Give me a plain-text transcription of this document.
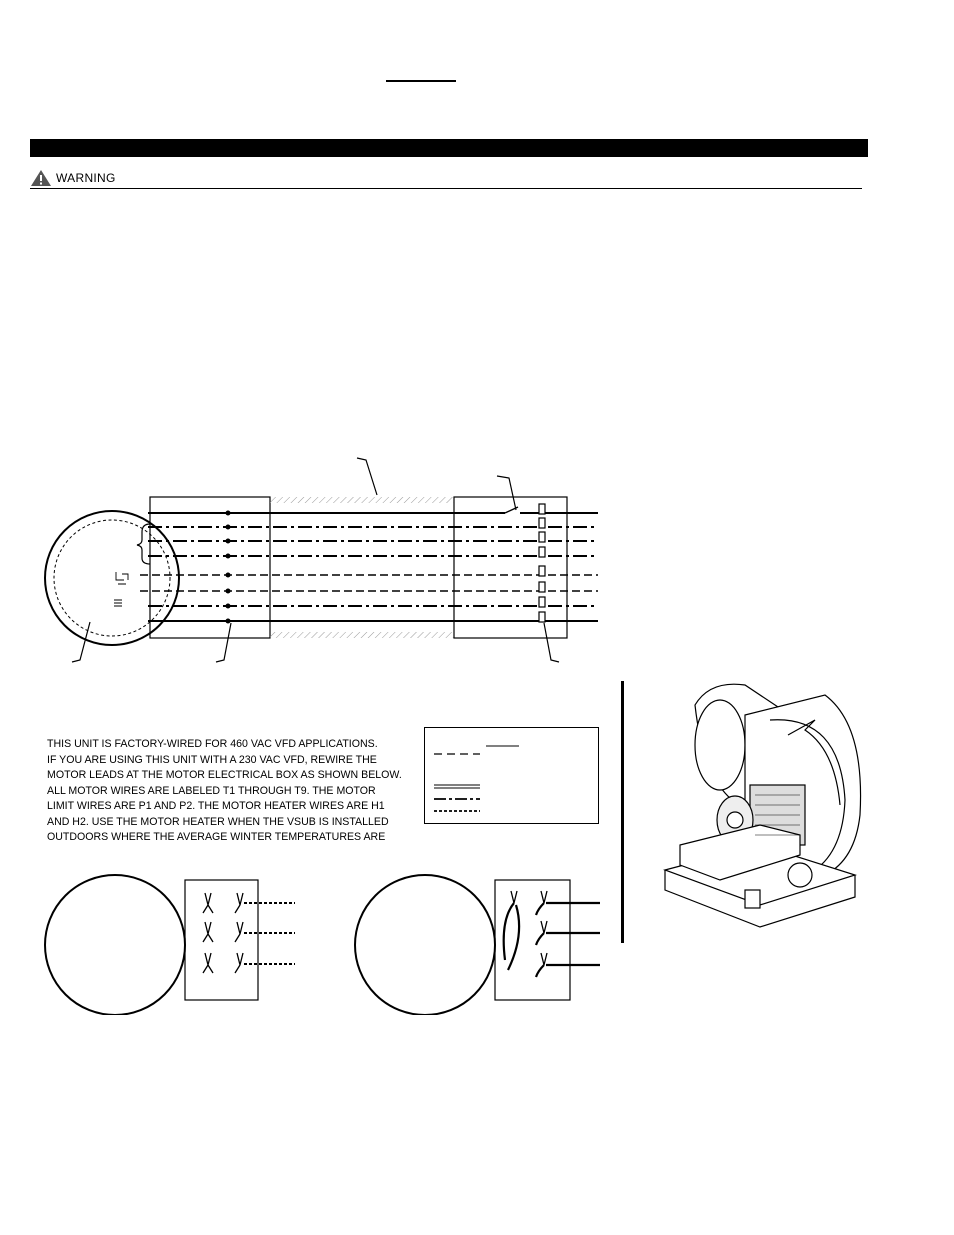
WARNING
THIS UNIT IS FACTORY-WIRED FOR 460 VAC VFD APPLICATIONS.
IF YOU ARE USING THIS UNIT WITH A 230 VAC VFD, REWIRE THE
MOTOR LEADS AT THE MOTOR ELECTRICAL BOX AS SHOWN BELOW.
ALL MOTOR WIRES ARE LABELED T1 THROUGH T9. THE MOTOR
LIMIT WIRES ARE P1 AND P2. THE MOTOR HEATER WIRES ARE H1
AND H2. USE THE MOTOR HEATER WHEN THE VSUB IS INSTALLED
OUTDOORS WHERE THE AVERAGE WINTER TEMPERATURES ARE
